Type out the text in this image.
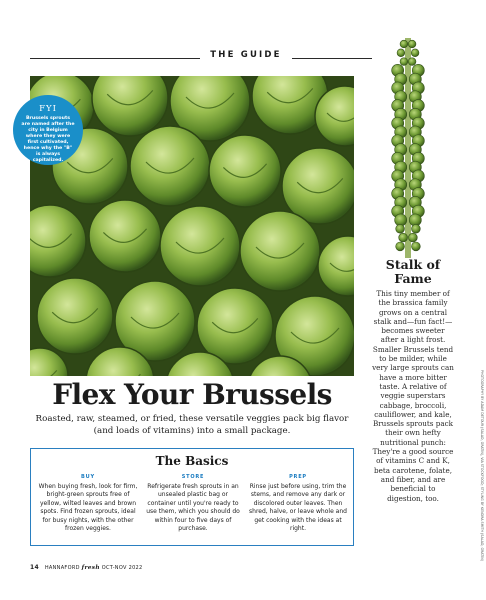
THE GUIDE
FYI
Brussels sprouts are named after the city in Belgium where they were first cultivated, hence why the "B" is always capitalized.
PHOTOGRAPHY BY ADAM DETOUR (SALAD, GRATIN), VIA STOCKFOOD; STYLING BY KENDRA SMITH (SALAD, GRATIN)
Stalk of Fame
This tiny member of the brassica family grows on a central stalk and—fun fact!—becomes sweeter after a light frost. Smaller Brussels tend to be milder, while very large sprouts can have a more bitter taste. A relative of veggie superstars cabbage, broccoli, cauliflower, and kale, Brussels sprouts pack their own hefty nutritional punch: They're a good source of vitamins C and K, beta carotene, folate, and fiber, and are beneficial to digestion, too.
Flex Your Brussels
Roasted, raw, steamed, or fried, these versatile veggies pack big flavor (and loads of vitamins) into a small package.
The Basics
BUY
When buying fresh, look for firm, bright-green sprouts free of yellow, wilted leaves and brown spots. Find frozen sprouts, ideal for busy nights, with the other frozen veggies.
STORE
Refrigerate fresh sprouts in an unsealed plastic bag or container until you're ready to use them, which you should do within four to five days of purchase.
PREP
Rinse just before using, trim the stems, and remove any dark or discolored outer leaves. Then shred, halve, or leave whole and get cooking with the ideas at right.
14 HANNAFORD fresh OCT-NOV 2022
